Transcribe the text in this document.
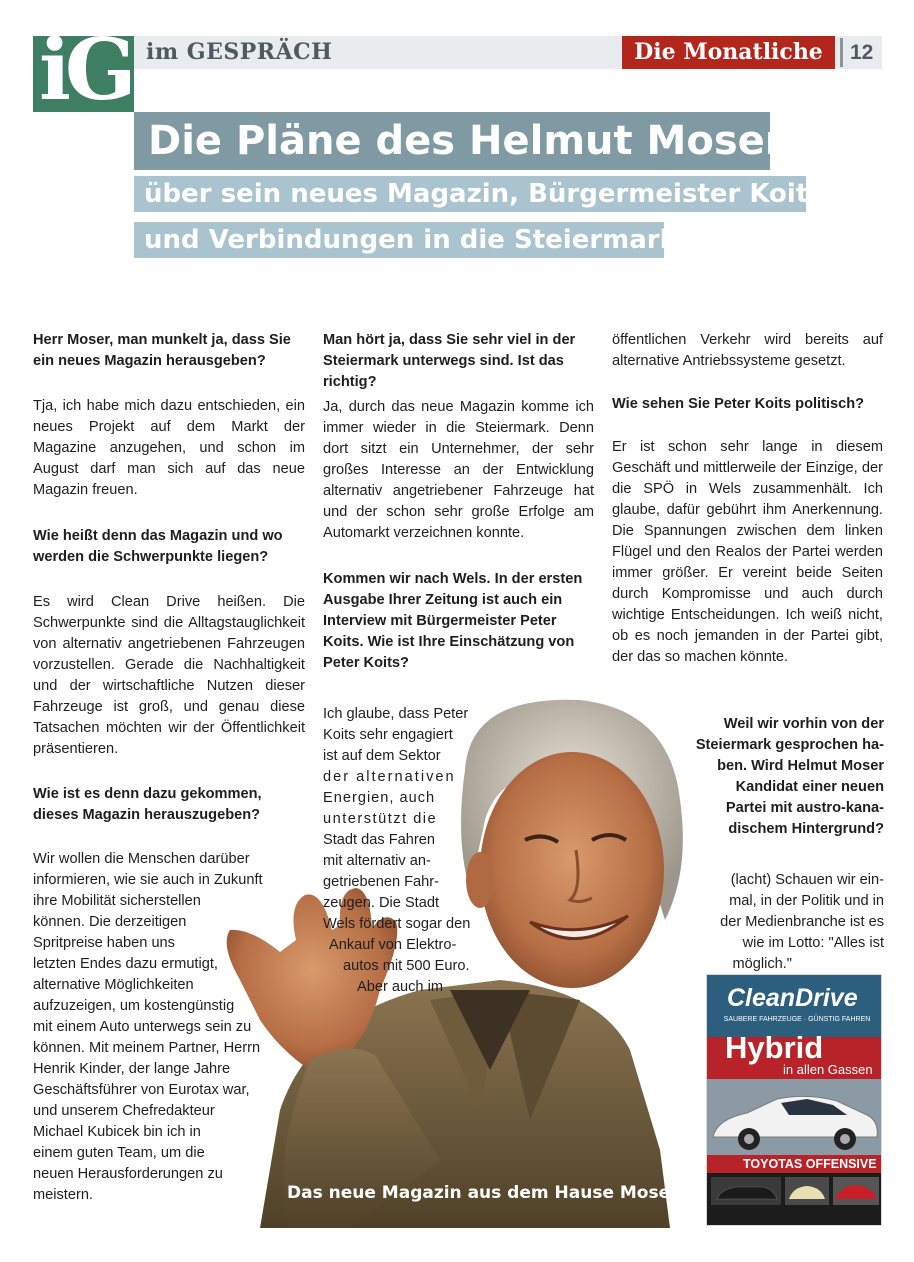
iG im GESPRÄCH	Die Monatliche	12
Die Pläne des Helmut Moser
über sein neues Magazin, Bürgermeister Koits
und Verbindungen in die Steiermark
Herr Moser, man munkelt ja, dass Sie ein neues Magazin herausgeben?
Tja, ich habe mich dazu entschieden, ein neues Projekt auf dem Markt der Magazine anzugehen, und schon im August darf man sich auf das neue Magazin freuen.
Wie heißt denn das Magazin und wo werden die Schwerpunkte liegen?
Es wird Clean Drive heißen. Die Schwerpunkte sind die Alltagstauglichkeit von alternativ angetriebenen Fahrzeugen vorzustellen. Gerade die Nachhaltigkeit und der wirtschaftliche Nutzen dieser Fahrzeuge ist groß, und genau diese Tatsachen möchten wir der Öffentlichkeit präsentieren.
Wie ist es denn dazu gekommen, dieses Magazin herauszugeben?
Wir wollen die Menschen darüber
informieren, wie sie auch in Zukunft
ihre Mobilität sicherstellen
können. Die derzeitigen
Spritpreise haben uns
letzten Endes dazu ermutigt,
alternative Möglichkeiten
aufzuzeigen, um kostengünstig
mit einem Auto unterwegs sein zu
können. Mit meinem Partner, Herrn
Henrik Kinder, der lange Jahre
Geschäftsführer von Eurotax war,
und unserem Chefredakteur
Michael Kubicek bin ich in
einem guten Team, um die
neuen Herausforderungen zu
meistern.
Man hört ja, dass Sie sehr viel in der Steiermark unterwegs sind. Ist das richtig?
Ja, durch das neue Magazin komme ich immer wieder in die Steiermark. Denn dort sitzt ein Unternehmer, der sehr großes Interesse an der Entwicklung alternativ angetriebener Fahrzeuge hat und der schon sehr große Erfolge am Automarkt verzeichnen konnte.
Kommen wir nach Wels. In der ersten Ausgabe Ihrer Zeitung ist auch ein Interview mit Bürgermeister Peter Koits. Wie ist Ihre Einschätzung von Peter Koits?
öffentlichen Verkehr wird bereits auf alternative Antriebssysteme gesetzt.
Wie sehen Sie Peter Koits politisch?
Er ist schon sehr lange in diesem Geschäft und mittlerweile der Einzige, der die SPÖ in Wels zusammenhält. Ich glaube, dafür gebührt ihm Anerkennung. Die Spannungen zwischen dem linken Flügel und den Realos der Partei werden immer größer. Er vereint beide Seiten durch Kompromisse und auch durch wichtige Entscheidungen. Ich weiß nicht, ob es noch jemanden in der Partei gibt, der das so machen könnte.
Das neue Magazin aus dem Hause Moser ›
Ich glaube, dass Peter
Koits sehr engagiert
ist auf dem Sektor
der alternativen
Energien, auch
unterstützt die
Stadt das Fahren
mit alternativ an-
getriebenen Fahr-
zeugen. Die Stadt
Wels fördert sogar den
Ankauf von Elektro-
autos mit 500 Euro.
Aber auch im
Weil wir vorhin von der
Steiermark gesprochen ha-
ben. Wird Helmut Moser
Kandidat einer neuen
Partei mit austro-kana-
dischem Hintergrund?
(lacht) Schauen wir ein-
mal, in der Politik und in
der Medienbranche ist es
wie im Lotto: "Alles ist
möglich."
CleanDrive
SAUBERE FAHRZEUGE · GÜNSTIG FAHREN
Hybrid
in allen Gassen
TOYOTAS OFFENSIVE
